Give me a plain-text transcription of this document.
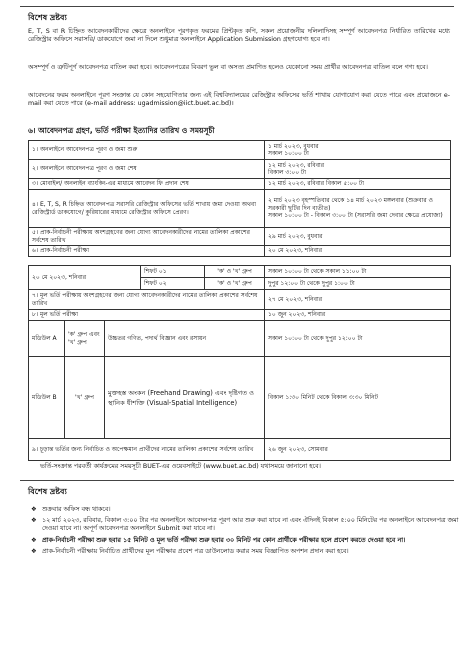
বিশেষ দ্রষ্টব্য

E, T, S বা R চিহ্নিত আবেদনকারীদের ক্ষেত্রে অনলাইনে পূরণকৃত ফরমের প্রিন্টকৃত কপি, সকল প্রয়োজনীয় দলিলাদিসহ সম্পূর্ণ আবেদনপত্র নির্ধারিত তারিখের মধ্যে রেজিস্ট্রার অফিসে সরাসরি/ ডাকযোগে জমা না দিলে শুধুমাত্র অনলাইনে Application Submission গ্রহণযোগ্য হবে না।

অসম্পূর্ণ ও ত্রুটিপূর্ণ আবেদনপত্র বাতিল করা হবে। আবেদনপত্রের বিবরণ ভুল বা অসত্য প্রমাণিত হলেও যেকোনো সময় প্রার্থীর আবেদনপত্র বাতিল বলে গণ্য হবে।

আবেদনের ফরম অনলাইনে পূরণ সংক্রান্ত যে কোন সহযোগিতার জন্য এই বিশ্ববিদ্যালয়ের রেজিস্ট্রার অফিসের ভর্তি শাখায় যোগাযোগ করা যেতে পারে এবং প্রয়োজনে e-mail করা যেতে পারে (e-mail address: ugadmission@iict.buet.ac.bd)।

৬। আবেদনপত্র গ্রহণ, ভর্তি পরীক্ষা ইত্যাদির তারিখ ও সময়সূচী
১। অনলাইনে আবেদনপত্র পূরণ ও জমা শুরু	১ মার্চ ২০২৩, বুধবার
সকাল ১০:০০ টা
২। অনলাইনে আবেদনপত্র পূরণ ও জমা শেষ	১২ মার্চ ২০২৩, রবিবার
বিকাল ৩:০০ টা
৩। মোবাইল/ অনলাইন ব্যাংকিং-এর মাধ্যমে আবেদন ফি প্রদান শেষ	১২ মার্চ ২০২৩, রবিবার বিকাল ৫:০০ টা
৪। E, T, S, R চিহ্নিত আবেদনপত্র সরাসরি রেজিস্ট্রার অফিসের ভর্তি শাখায় জমা দেওয়া অথবা রেজিস্ট্রার্ড ডাকযোগে/ কুরিয়ারের মাধ্যমে রেজিস্ট্রার অফিসে প্রেরণ।	২ মার্চ ২০২৩ বৃহস্পতিবার থেকে ১৪ মার্চ ২০২৩ মঙ্গলবার (শুক্রবার ও সরকারী ছুটির দিন ব্যতীত)
সকাল ১০:০০ টা - বিকাল ৩:০০ টা (সরাসরি জমা দেবার ক্ষেত্রে প্রযোজ্য)
৫। প্রাক-নির্বাচনী পরীক্ষায় অংশগ্রহণের জন্য যোগ্য আবেদনকারীদের নামের তালিকা প্রকাশের সর্বশেষ তারিখ	২৯ মার্চ ২০২৩, বুধবার
৬। প্রাক-নির্বাচনী পরীক্ষা	২০ মে ২০২৩, শনিবার
২০ মে ২০২৩, শনিবার	শিফট ০১	'ক' ও 'খ' গ্রুপ	সকাল ১০:০০ টা থেকে সকাল ১১:০০ টা
	শিফট ০২	'ক' ও 'খ' গ্রুপ	দুপুর ১২:০০ টা থেকে দুপুর ১:০০ টা
৭। মূল ভর্তি পরীক্ষায় অংশগ্রহণের জন্য যোগ্য আবেদনকারীদের নামের তালিকা প্রকাশের সর্বশেষ তারিখ	২৭ মে ২০২৩, শনিবার
৮। মূল ভর্তি পরীক্ষা	১০ জুন ২০২৩, শনিবার
মডিউল A	'ক' গ্রুপ এবং 'খ' গ্রুপ	উচ্চতর গণিত, পদার্থ বিজ্ঞান এবং রসায়ন	সকাল ১০:০০ টা থেকে দুপুর ১২:০০ টা
মডিউল B	'খ' গ্রুপ	মুক্তহস্ত অংকন (Freehand Drawing) এবং দৃষ্টিগত ও স্থানিক ধীশক্তি (Visual-Spatial Intelligence)	বিকাল ১:৩০ মিনিট থেকে বিকাল ৩:৩০ মিনিট
৯। চূড়ান্ত ভর্তির জন্য নির্বাচিত ও অপেক্ষমান প্রার্থীদের নামের তালিকা প্রকাশের সর্বশেষ তারিখ	২৬ জুন ২০২৩, সোমবার

ভর্তি-সংক্রান্ত পরবর্তী কার্যক্রমের সময়সূচী BUET-এর ওয়েবসাইটে (www.buet.ac.bd) যথাসময়ে জানানো হবে।

বিশেষ দ্রষ্টব্য
❖ শুক্রবার অফিস বন্ধ থাকবে।
❖ ১২ মার্চ ২০২৩, রবিবার, বিকাল ৩:০০ টার পর অনলাইনে আবেদনপত্র পূরণ আর শুরু করা যাবে না এবং ঐদিনই বিকাল ৫:০০ মিনিটের পর অনলাইনে আবেদনপত্র জমা দেওয়া যাবে না। অপূর্ণ আবেদনপত্র অনলাইনে Submit করা যাবে না।
❖ প্রাক-নির্বাচনী পরীক্ষা শুরু হবার ১৫ মিনিট ও মূল ভর্তি পরীক্ষা শুরু হবার ৩০ মিনিট পর কোন প্রার্থীকে পরীক্ষার হলে প্রবেশ করতে দেওয়া হবে না।
❖ প্রাক-নির্বাচনী পরীক্ষায় নির্বাচিত প্রার্থীদের মূল পরীক্ষার প্রবেশ পত্র ডাউনলোড করার সময় বিজ্ঞাপিত অপশন প্রদান করা হবে।
